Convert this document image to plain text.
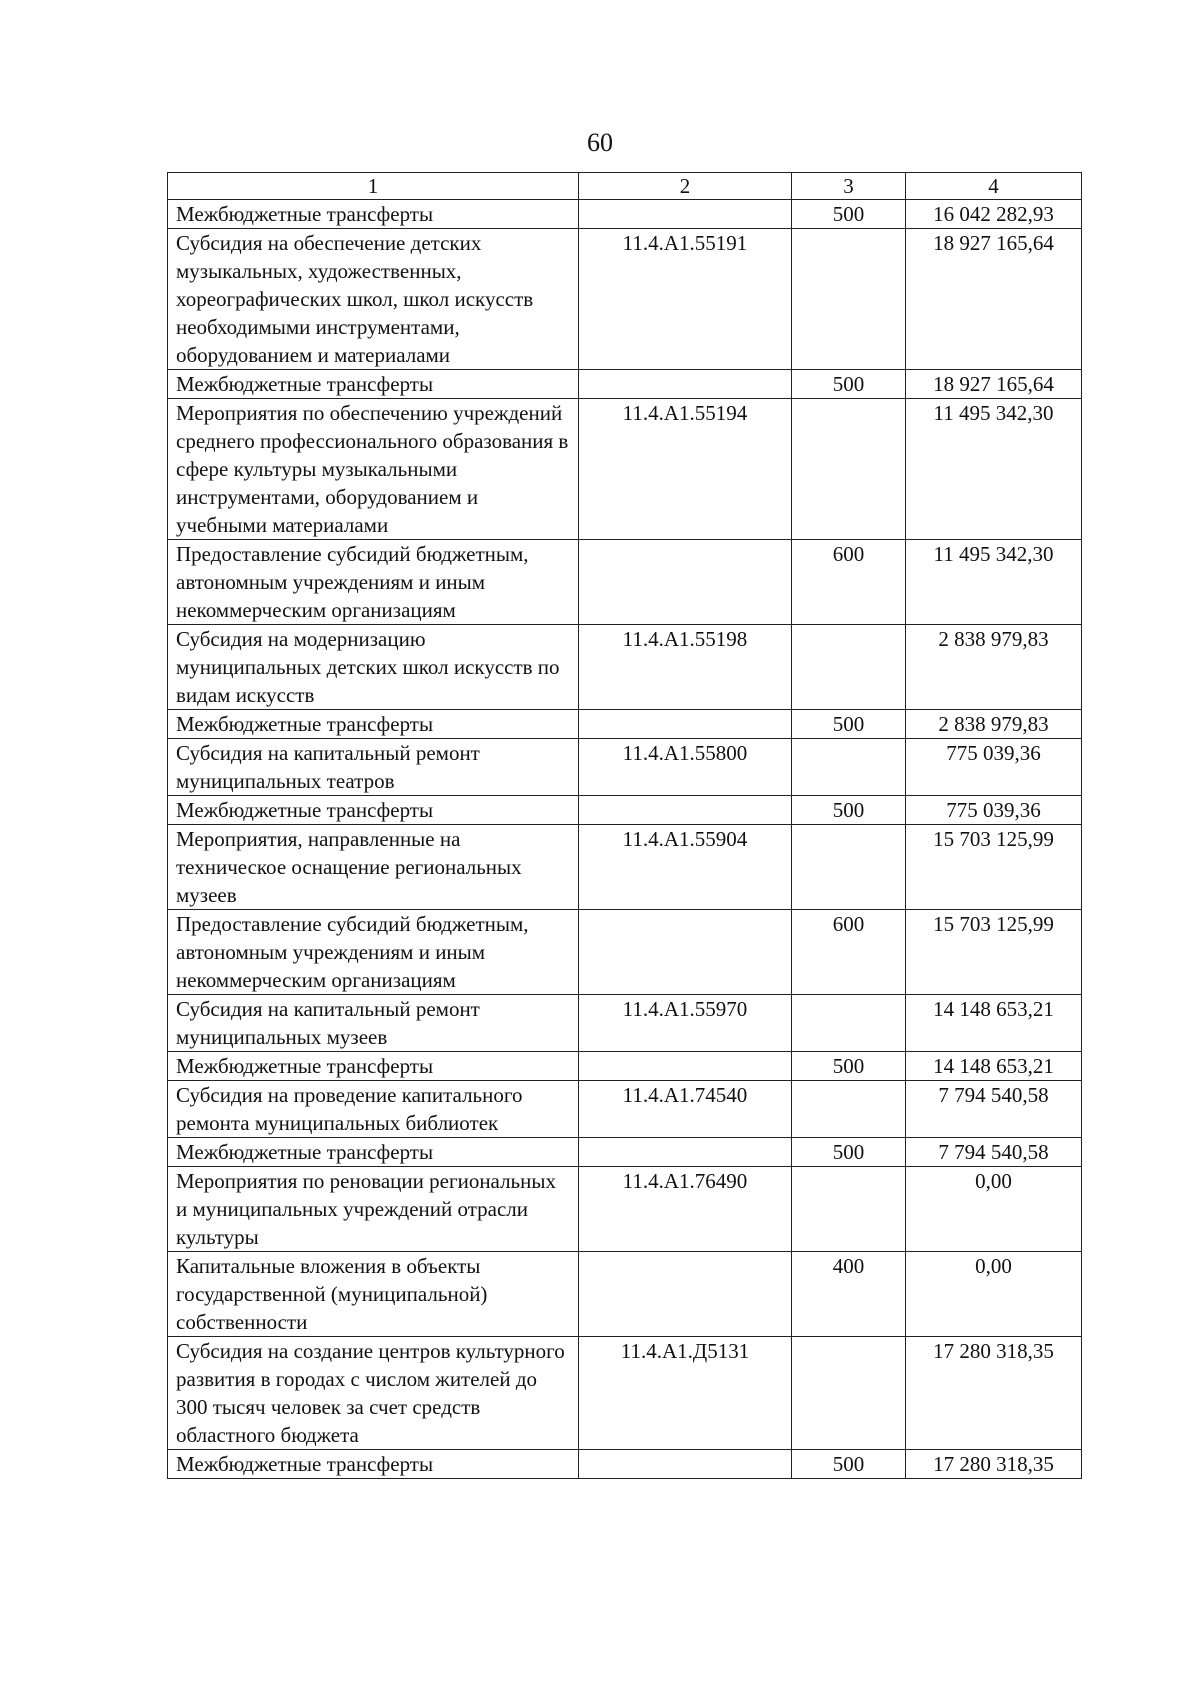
60
1	2	3	4
Межбюджетные трансферты		500	16 042 282,93
Субсидия на обеспечение детских музыкальных, художественных, хореографических школ, школ искусств необходимыми инструментами, оборудованием и материалами	11.4.А1.55191		18 927 165,64
Межбюджетные трансферты		500	18 927 165,64
Мероприятия по обеспечению учреждений среднего профессионального образования в сфере культуры музыкальными инструментами, оборудованием и учебными материалами	11.4.А1.55194		11 495 342,30
Предоставление субсидий бюджетным, автономным учреждениям и иным некоммерческим организациям		600	11 495 342,30
Субсидия на модернизацию муниципальных детских школ искусств по видам искусств	11.4.А1.55198		2 838 979,83
Межбюджетные трансферты		500	2 838 979,83
Субсидия на капитальный ремонт муниципальных театров	11.4.А1.55800		775 039,36
Межбюджетные трансферты		500	775 039,36
Мероприятия, направленные на техническое оснащение региональных музеев	11.4.А1.55904		15 703 125,99
Предоставление субсидий бюджетным, автономным учреждениям и иным некоммерческим организациям		600	15 703 125,99
Субсидия на капитальный ремонт муниципальных музеев	11.4.А1.55970		14 148 653,21
Межбюджетные трансферты		500	14 148 653,21
Субсидия на проведение капитального ремонта муниципальных библиотек	11.4.А1.74540		7 794 540,58
Межбюджетные трансферты		500	7 794 540,58
Мероприятия по реновации региональных и муниципальных учреждений отрасли культуры	11.4.А1.76490		0,00
Капитальные вложения в объекты государственной (муниципальной) собственности		400	0,00
Субсидия на создание центров культурного развития в городах с числом жителей до 300 тысяч человек за счет средств областного бюджета	11.4.А1.Д5131		17 280 318,35
Межбюджетные трансферты		500	17 280 318,35
